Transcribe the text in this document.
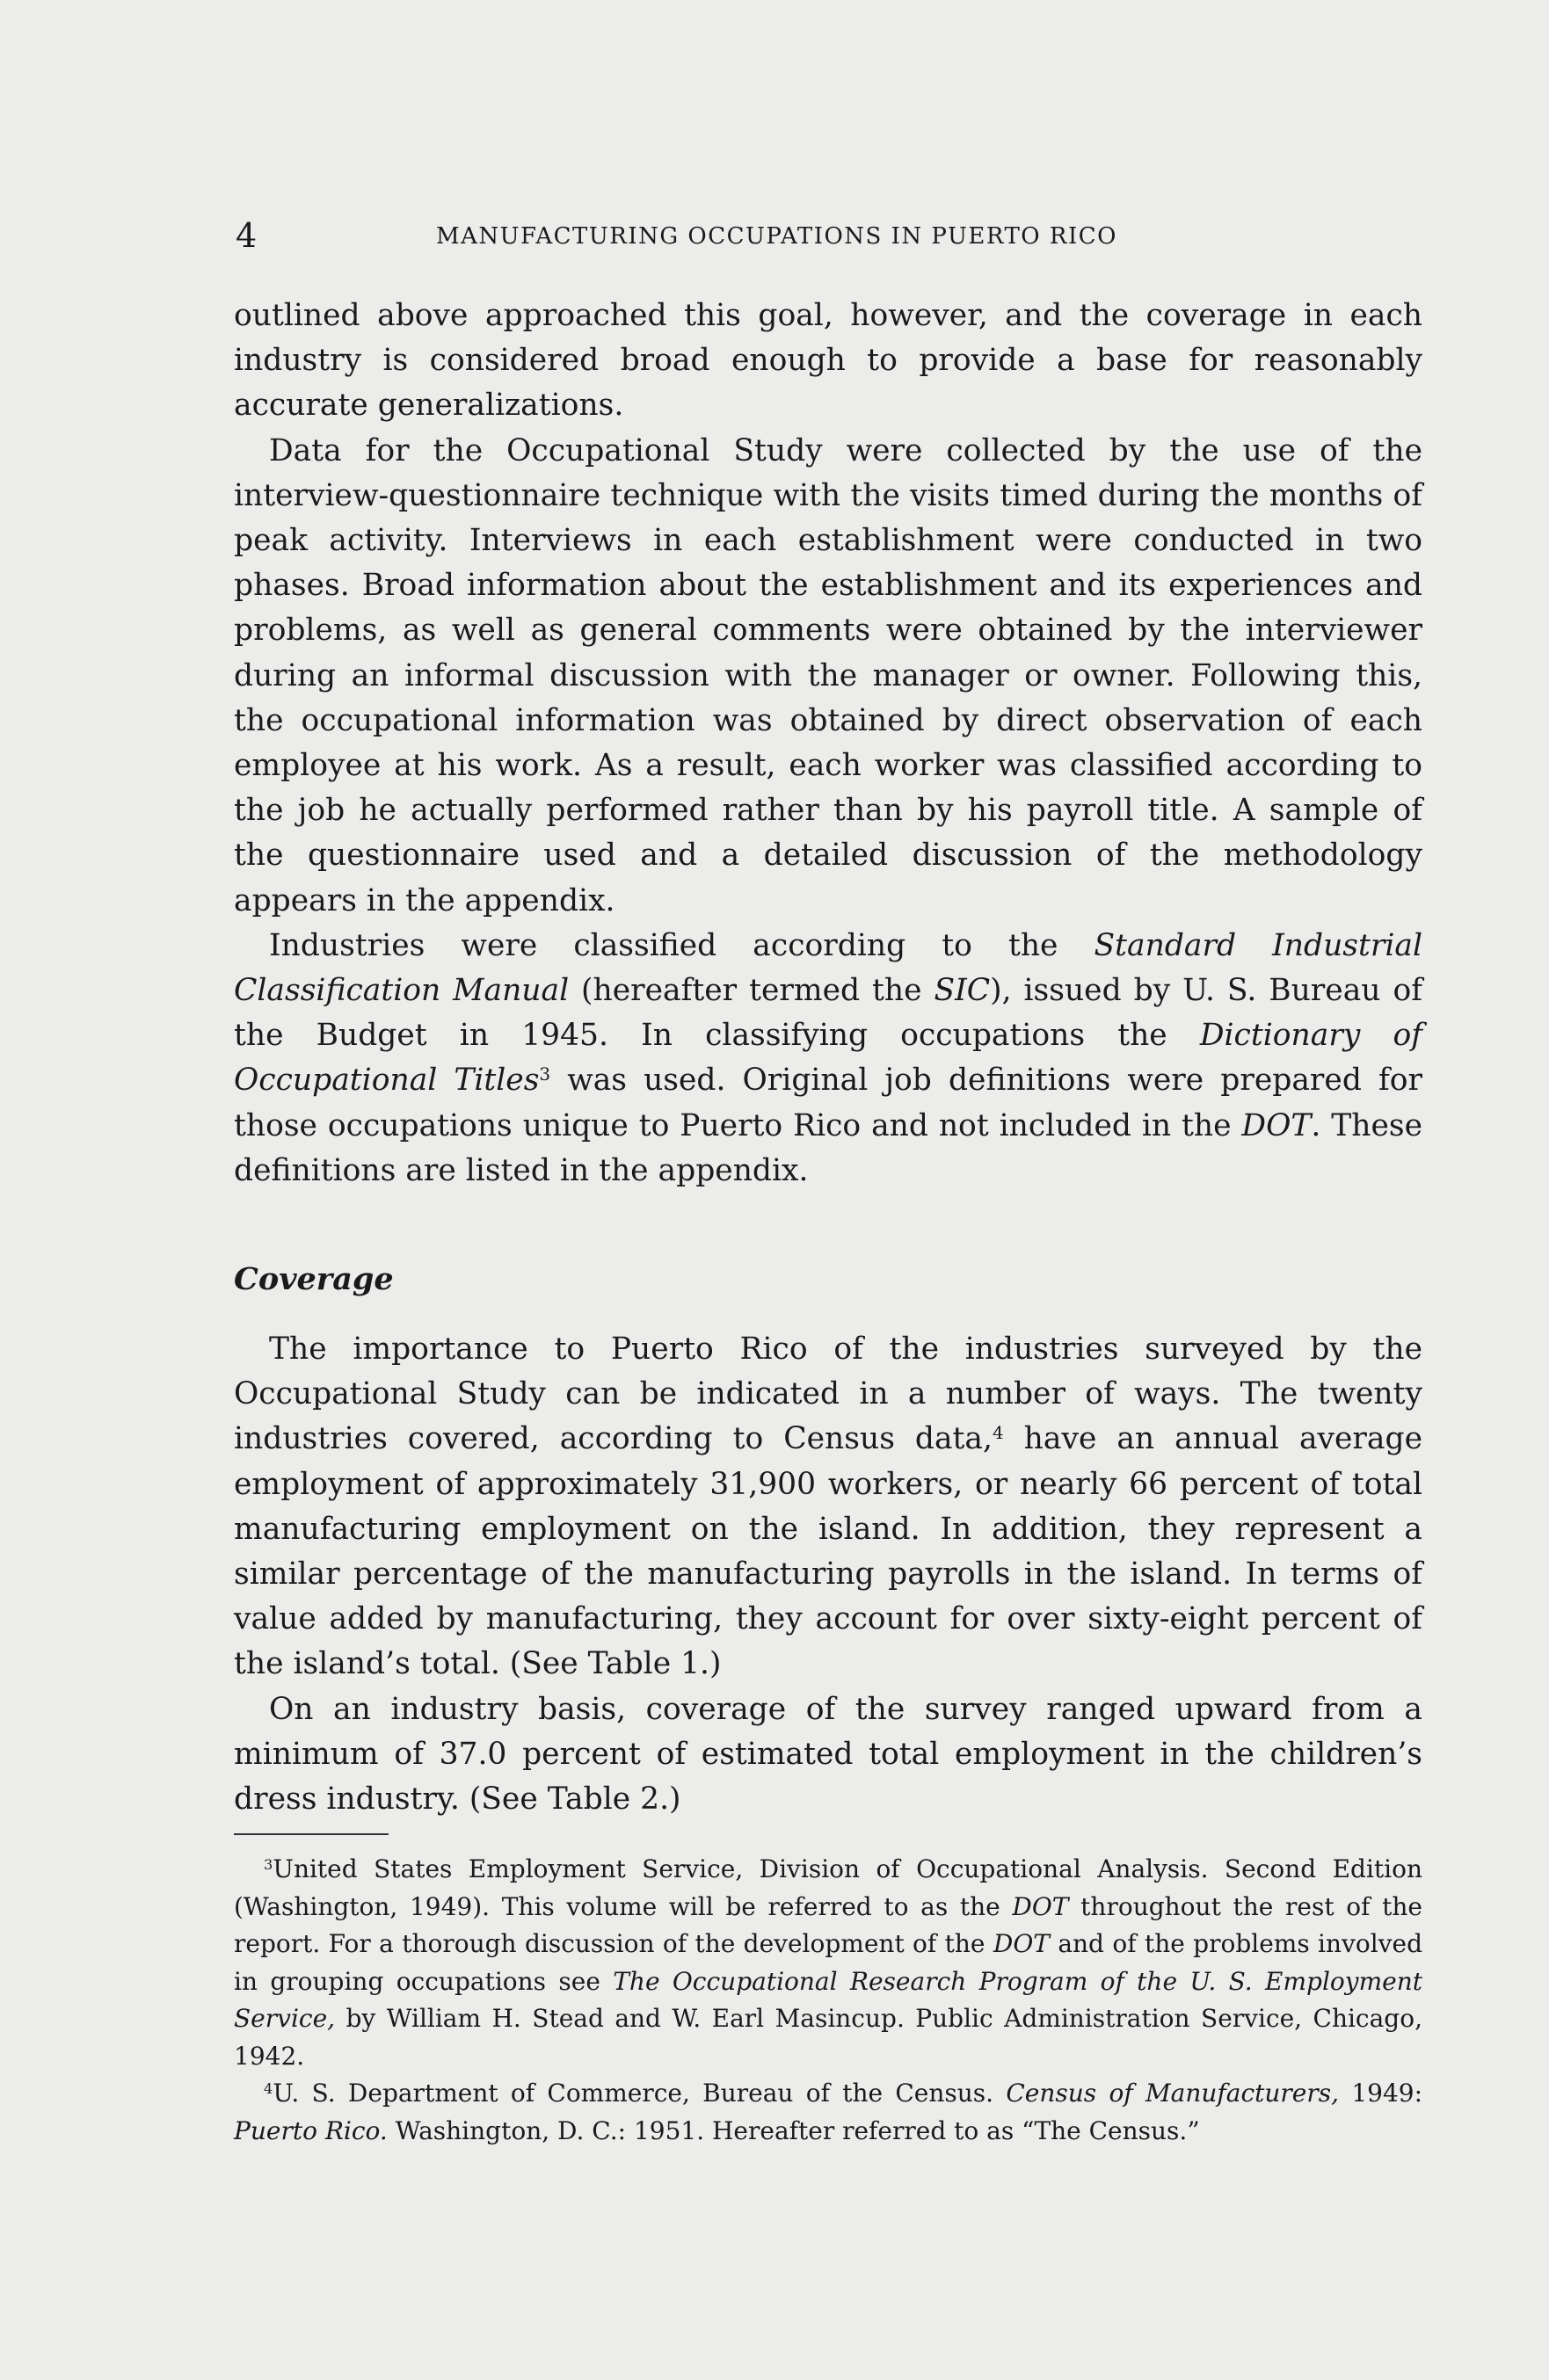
4	MANUFACTURING OCCUPATIONS IN PUERTO RICO

outlined above approached this goal, however, and the coverage in each industry is considered broad enough to provide a base for reasonably accurate generalizations.

Data for the Occupational Study were collected by the use of the interview-questionnaire technique with the visits timed during the months of peak activity. Interviews in each establishment were conducted in two phases. Broad information about the establishment and its experiences and problems, as well as general comments were obtained by the interviewer during an informal discussion with the manager or owner. Following this, the occupational information was obtained by direct observation of each employee at his work. As a result, each worker was classified according to the job he actually performed rather than by his payroll title. A sample of the questionnaire used and a detailed discussion of the methodology appears in the appendix.

Industries were classified according to the Standard Industrial Classification Manual (hereafter termed the SIC), issued by U. S. Bureau of the Budget in 1945. In classifying occupations the Dictionary of Occupational Titles$^3$ was used. Original job definitions were prepared for those occupations unique to Puerto Rico and not included in the DOT. These definitions are listed in the appendix.

Coverage

The importance to Puerto Rico of the industries surveyed by the Occupational Study can be indicated in a number of ways. The twenty industries covered, according to Census data,$^4$ have an annual average employment of approximately 31,900 workers, or nearly 66 percent of total manufacturing employment on the island. In addition, they represent a similar percentage of the manufacturing payrolls in the island. In terms of value added by manufacturing, they account for over sixty-eight percent of the island’s total. (See Table 1.)

On an industry basis, coverage of the survey ranged upward from a minimum of 37.0 percent of estimated total employment in the children’s dress industry. (See Table 2.)

$^3$United States Employment Service, Division of Occupational Analysis. Second Edition (Washington, 1949). This volume will be referred to as the DOT throughout the rest of the report. For a thorough discussion of the development of the DOT and of the problems involved in grouping occupations see The Occupational Research Program of the U. S. Employment Service, by William H. Stead and W. Earl Masincup. Public Administration Service, Chicago, 1942.

$^4$U. S. Department of Commerce, Bureau of the Census. Census of Manufacturers, 1949: Puerto Rico. Washington, D. C.: 1951. Hereafter referred to as “The Census.”
